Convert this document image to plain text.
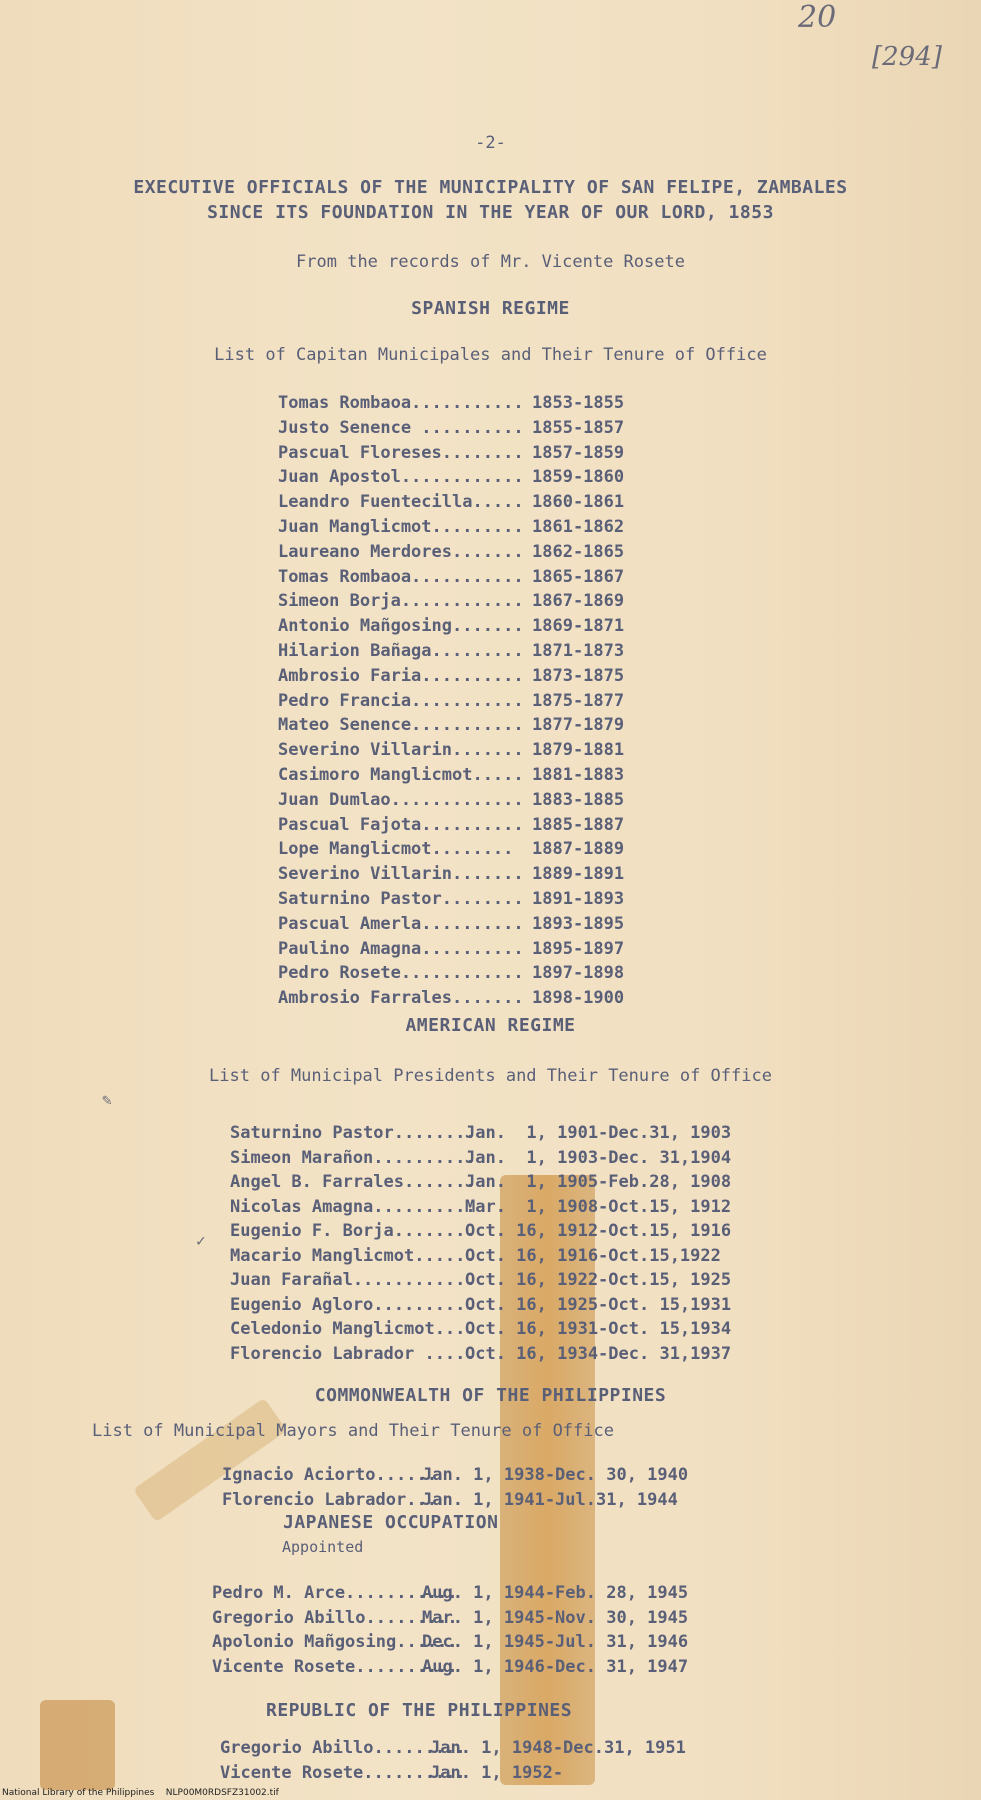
20
[294]
-2-
EXECUTIVE OFFICIALS OF THE MUNICIPALITY OF SAN FELIPE, ZAMBALES
SINCE ITS FOUNDATION IN THE YEAR OF OUR LORD, 1853
From the records of Mr. Vicente Rosete
SPANISH REGIME
List of Capitan Municipales and Their Tenure of Office
Tomas Rombaoa........... 1853-1855
Justo Senence .......... 1855-1857
Pascual Floreses........ 1857-1859
Juan Apostol............ 1859-1860
Leandro Fuentecilla..... 1860-1861
Juan Manglicmot......... 1861-1862
Laureano Merdores....... 1862-1865
Tomas Rombaoa........... 1865-1867
Simeon Borja............ 1867-1869
Antonio Mañgosing....... 1869-1871
Hilarion Bañaga......... 1871-1873
Ambrosio Faria.......... 1873-1875
Pedro Francia........... 1875-1877
Mateo Senence........... 1877-1879
Severino Villarin....... 1879-1881
Casimoro Manglicmot..... 1881-1883
Juan Dumlao............. 1883-1885
Pascual Fajota.......... 1885-1887
Lope Manglicmot........ 1887-1889
Severino Villarin....... 1889-1891
Saturnino Pastor........ 1891-1893
Pascual Amerla.......... 1893-1895
Paulino Amagna.......... 1895-1897
Pedro Rosete............ 1897-1898
Ambrosio Farrales....... 1898-1900
AMERICAN REGIME
List of Municipal Presidents and Their Tenure of Office
✎
Saturnino Pastor........
Jan.  1, 1901-Dec.31, 1903
Simeon Marañon..........
Jan.  1, 1903-Dec. 31,1904
Angel B. Farrales.......
Jan.  1, 1905-Feb.28, 1908
Nicolas Amagna..........
Mar.  1, 1908-Oct.15, 1912
Eugenio F. Borja........
Oct. 16, 1912-Oct.15, 1916
Macario Manglicmot......
Oct. 16, 1916-Oct.15,1922
Juan Farañal............
Oct. 16, 1922-Oct.15, 1925
Eugenio Agloro..........
Oct. 16, 1925-Oct. 15,1931
Celedonio Manglicmot....
Oct. 16, 1931-Oct. 15,1934
Florencio Labrador .....
Oct. 16, 1934-Dec. 31,1937
✓
COMMONWEALTH OF THE PHILIPPINES
List of Municipal Mayors and Their Tenure of Office
Ignacio Aciorto......
Jan. 1, 1938-Dec. 30, 1940
Florencio Labrador...
Jan. 1, 1941-Jul.31, 1944
JAPANESE OCCUPATION
Appointed
Pedro M. Arce...........
Aug. 1, 1944-Feb. 28, 1945
Gregorio Abillo.........
Mar. 1, 1945-Nov. 30, 1945
Apolonio Mañgosing......
Dec. 1, 1945-Jul. 31, 1946
Vicente Rosete..........
Aug. 1, 1946-Dec. 31, 1947
REPUBLIC OF THE PHILIPPINES
Gregorio Abillo.........
Jan. 1, 1948-Dec.31, 1951
Vicente Rosete..........
Jan. 1, 1952-
National Library of the Philippines    NLP00M0RDSFZ31002.tif
